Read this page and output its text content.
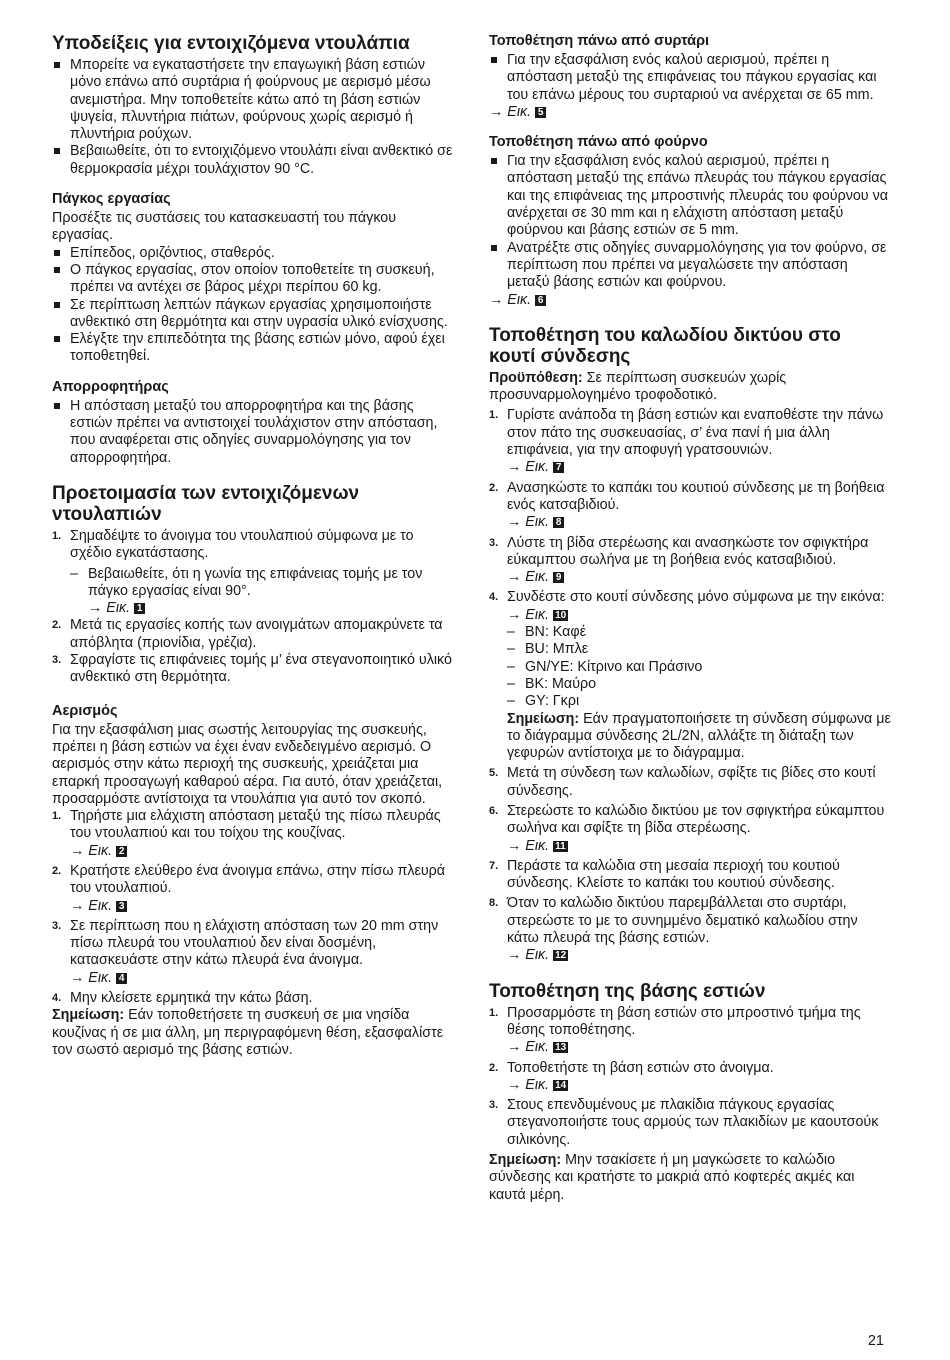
Υποδείξεις για εντοιχιζόμενα ντουλάπια
Μπορείτε να εγκαταστήσετε την επαγωγική βάση εστιών μόνο επάνω από συρτάρια ή φούρνους με αερισμό μέσω ανεμιστήρα. Μην τοποθετείτε κάτω από τη βάση εστιών ψυγεία, πλυντήρια πιάτων, φούρνους χωρίς αερισμό ή πλυντήρια ρούχων.
Βεβαιωθείτε, ότι το εντοιχιζόμενο ντουλάπι είναι ανθεκτικό σε θερμοκρασία μέχρι τουλάχιστον 90 °C.
Πάγκος εργασίας

Προσέξτε τις συστάσεις του κατασκευαστή του πάγκου εργασίας.

Επίπεδος, οριζόντιος, σταθερός.
Ο πάγκος εργασίας, στον οποίον τοποθετείτε τη συσκευή, πρέπει να αντέχει σε βάρος μέχρι περίπου 60 kg.
Σε περίπτωση λεπτών πάγκων εργασίας χρησιμοποιήστε ανθεκτικό στη θερμότητα και στην υγρασία υλικό ενίσχυσης.
Ελέγξτε την επιπεδότητα της βάσης εστιών μόνο, αφού έχει τοποθετηθεί.
Απορροφητήρας
Η απόσταση μεταξύ του απορροφητήρα και της βάσης εστιών πρέπει να αντιστοιχεί τουλάχιστον στην απόσταση, που αναφέρεται στις οδηγίες συναρμολόγησης για τον απορροφητήρα.
Προετοιμασία των εντοιχιζόμενων ντουλαπιών
1. Σημαδέψτε το άνοιγμα του ντουλαπιού σύμφωνα με το σχέδιο εγκατάστασης.
– Βεβαιωθείτε, ότι η γωνία της επιφάνειας τομής με τον πάγκο εργασίας είναι 90°.
→ Εικ. 1
2. Μετά τις εργασίες κοπής των ανοιγμάτων απομακρύνετε τα απόβλητα (πριονίδια, γρέζια).
3. Σφραγίστε τις επιφάνειες τομής μ’ ένα στεγανοποιητικό υλικό ανθεκτικό στη θερμότητα.
Αερισμός

Για την εξασφάλιση μιας σωστής λειτουργίας της συσκευής, πρέπει η βάση εστιών να έχει έναν ενδεδειγμένο αερισμό. Ο αερισμός στην κάτω περιοχή της συσκευής, χρειάζεται μια επαρκή προσαγωγή καθαρού αέρα. Για αυτό, όταν χρειάζεται, προσαρμόστε αντίστοιχα τα ντουλάπια για αυτό τον σκοπό.

1. Τηρήστε μια ελάχιστη απόσταση μεταξύ της πίσω πλευράς του ντουλαπιού και του τοίχου της κουζίνας.
→ Εικ. 2
2. Κρατήστε ελεύθερο ένα άνοιγμα επάνω, στην πίσω πλευρά του ντουλαπιού.
→ Εικ. 3
3. Σε περίπτωση που η ελάχιστη απόσταση των 20 mm στην πίσω πλευρά του ντουλαπιού δεν είναι δοσμένη, κατασκευάστε στην κάτω πλευρά ένα άνοιγμα.
→ Εικ. 4
4. Μην κλείσετε ερμητικά την κάτω βάση.

Σημείωση: Εάν τοποθετήσετε τη συσκευή σε μια νησίδα κουζίνας ή σε μια άλλη, μη περιγραφόμενη θέση, εξασφαλίστε τον σωστό αερισμό της βάσης εστιών.

Τοποθέτηση πάνω από συρτάρι
Για την εξασφάλιση ενός καλού αερισμού, πρέπει η απόσταση μεταξύ της επιφάνειας του πάγκου εργασίας και του επάνω μέρους του συρταριού να ανέρχεται σε 65 mm.
→ Εικ. 5
Τοποθέτηση πάνω από φούρνο
Για την εξασφάλιση ενός καλού αερισμού, πρέπει η απόσταση μεταξύ της επάνω πλευράς του πάγκου εργασίας και της επιφάνειας της μπροστινής πλευράς του φούρνου να ανέρχεται σε 30 mm και η ελάχιστη απόσταση μεταξύ φούρνου και βάσης εστιών σε 5 mm.
Ανατρέξτε στις οδηγίες συναρμολόγησης για τον φούρνο, σε περίπτωση που πρέπει να μεγαλώσετε την απόσταση μεταξύ βάσης εστιών και φούρνου.
→ Εικ. 6
Τοποθέτηση του καλωδίου δικτύου στο κουτί σύνδεσης

Προϋπόθεση: Σε περίπτωση συσκευών χωρίς προσυναρμολογημένο τροφοδοτικό.

1. Γυρίστε ανάποδα τη βάση εστιών και εναποθέστε την πάνω στον πάτο της συσκευασίας, σ’ ένα πανί ή μια άλλη επιφάνεια, για την αποφυγή γρατσουνιών.
→ Εικ. 7
2. Ανασηκώστε το καπάκι του κουτιού σύνδεσης με τη βοήθεια ενός κατσαβιδιού.
→ Εικ. 8
3. Λύστε τη βίδα στερέωσης και ανασηκώστε τον σφιγκτήρα εύκαμπτου σωλήνα με τη βοήθεια ενός κατσαβιδιού.
→ Εικ. 9
4. Συνδέστε στο κουτί σύνδεσης μόνο σύμφωνα με την εικόνα:
→ Εικ. 10
– BN: Καφέ
– BU: Μπλε
– GN/YE: Κίτρινο και Πράσινο
– BK: Μαύρο
– GY: Γκρι

Σημείωση: Εάν πραγματοποιήσετε τη σύνδεση σύμφωνα με το διάγραμμα σύνδεσης 2L/2N, αλλάξτε τη διάταξη των γεφυρών αντίστοιχα με το διάγραμμα.

5. Μετά τη σύνδεση των καλωδίων, σφίξτε τις βίδες στο κουτί σύνδεσης.
6. Στερεώστε το καλώδιο δικτύου με τον σφιγκτήρα εύκαμπτου σωλήνα και σφίξτε τη βίδα στερέωσης.
→ Εικ. 11
7. Περάστε τα καλώδια στη μεσαία περιοχή του κουτιού σύνδεσης. Κλείστε το καπάκι του κουτιού σύνδεσης.
8. Όταν το καλώδιο δικτύου παρεμβάλλεται στο συρτάρι, στερεώστε το με το συνημμένο δεματικό καλωδίου στην κάτω πλευρά της βάσης εστιών.
→ Εικ. 12
Τοποθέτηση της βάσης εστιών
1. Προσαρμόστε τη βάση εστιών στο μπροστινό τμήμα της θέσης τοποθέτησης.
→ Εικ. 13
2. Τοποθετήστε τη βάση εστιών στο άνοιγμα.
→ Εικ. 14
3. Στους επενδυμένους με πλακίδια πάγκους εργασίας στεγανοποιήστε τους αρμούς των πλακιδίων με καουτσούκ σιλικόνης.

Σημείωση: Μην τσακίσετε ή μη μαγκώσετε το καλώδιο σύνδεσης και κρατήστε το μακριά από κοφτερές ακμές και καυτά μέρη.

21
